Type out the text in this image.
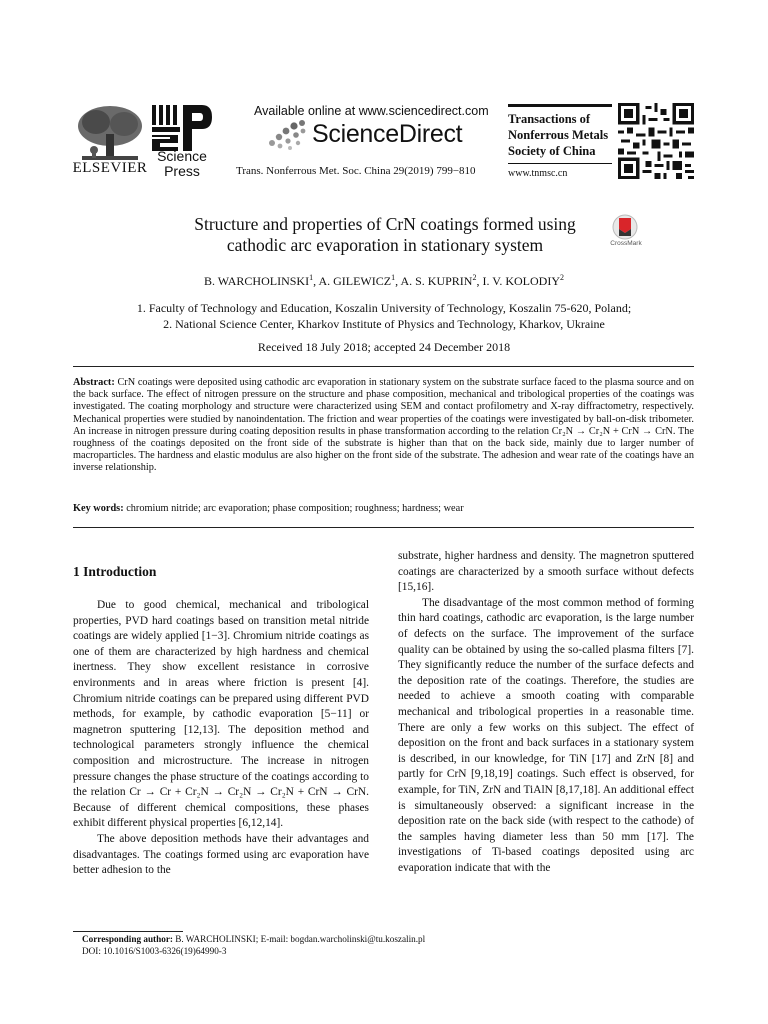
ELSEVIER
Science
Press
Available online at www.sciencedirect.com
ScienceDirect
Trans. Nonferrous Met. Soc. China 29(2019) 799−810
Transactions of Nonferrous Metals Society of China
www.tnmsc.cn
Structure and properties of CrN coatings formed using
cathodic arc evaporation in stationary system	CrossMark
B. WARCHOLINSKI$^1$, A. GILEWICZ$^1$, A. S. KUPRIN$^2$, I. V. KOLODIY$^2$
1. Faculty of Technology and Education, Koszalin University of Technology, Koszalin 75-620, Poland;
2. National Science Center, Kharkov Institute of Physics and Technology, Kharkov, Ukraine
Received 18 July 2018; accepted 24 December 2018
Abstract: CrN coatings were deposited using cathodic arc evaporation in stationary system on the substrate surface faced to the plasma source and on the back surface. The effect of nitrogen pressure on the structure and phase composition, mechanical and tribological properties of the coatings was investigated. The coating morphology and structure were characterized using SEM and contact profilometry and X-ray diffractometry, respectively. Mechanical properties were studied by nanoindentation. The friction and wear properties of the coatings were investigated by ball-on-disk tribometer. An increase in nitrogen pressure during coating deposition results in phase transformation according to the relation Cr₂N → Cr₂N + CrN → CrN. The roughness of the coatings deposited on the front side of the substrate is higher than that on the back side, mainly due to larger number of macroparticles. The hardness and elastic modulus are also higher on the front side of the substrate. The adhesion and wear rate of the coatings have an inverse relationship.
Key words: chromium nitride; arc evaporation; phase composition; roughness; hardness; wear
1 Introduction

Due to good chemical, mechanical and tribological properties, PVD hard coatings based on transition metal nitride coatings are widely applied [1−3]. Chromium nitride coatings as one of them are characterized by high hardness and chemical inertness. They show excellent resistance in corrosive environments and in areas where friction is present [4]. Chromium nitride coatings can be prepared using different PVD methods, for example, by cathodic evaporation [5−11] or magnetron sputtering [12,13]. The deposition method and technological parameters strongly influence the chemical composition and microstructure. The increase in nitrogen pressure changes the phase structure of the coatings according to the relation Cr → Cr + Cr₂N → Cr₂N → Cr₂N + CrN → CrN. Because of different chemical compositions, these phases exhibit different physical properties [6,12,14].

The above deposition methods have their advantages and disadvantages. The coatings formed using arc evaporation have better adhesion to the

substrate, higher hardness and density. The magnetron sputtered coatings are characterized by a smooth surface without defects [15,16].

The disadvantage of the most common method of forming thin hard coatings, cathodic arc evaporation, is the large number of defects on the surface. The improvement of the surface quality can be obtained by using the so-called plasma filters [7]. They significantly reduce the number of the surface defects and the deposition rate of the coatings. Therefore, the studies are needed to achieve a smooth coating with comparable mechanical and tribological properties in a reasonable time. There are only a few works on this subject. The effect of deposition on the front and back surfaces in a stationary system is described, in our knowledge, for TiN [17] and ZrN [8] and partly for CrN [9,18,19] coatings. Such effect is observed, for example, for TiN, ZrN and TiAlN [8,17,18]. An additional effect is simultaneously observed: a significant increase in the deposition rate on the back side (with respect to the cathode) of the samples having diameter less than 50 mm [17]. The investigations of Ti-based coatings deposited using arc evaporation indicate that with the

Corresponding author: B. WARCHOLINSKI; E-mail: bogdan.warcholinski@tu.koszalin.pl
DOI: 10.1016/S1003-6326(19)64990-3
